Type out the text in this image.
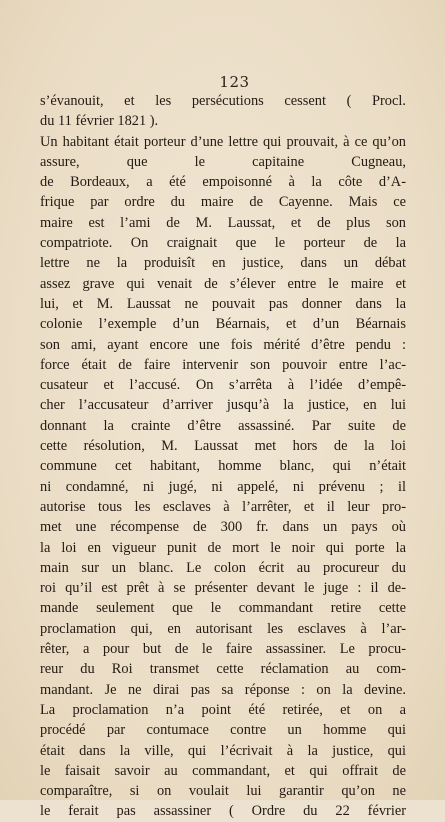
123
s’évanouit, et les persécutions cessent ( Procl.
du 11 février 1821 ).
Un habitant était porteur d’une lettre qui prouvait, à ce qu’on assure, que le capitaine Cugneau,
de Bordeaux, a été empoisonné à la côte d’A-
frique par ordre du maire de Cayenne. Mais ce
maire est l’ami de M. Laussat, et de plus son
compatriote. On craignait que le porteur de la
lettre ne la produisît en justice, dans un débat
assez grave qui venait de s’élever entre le maire et
lui, et M. Laussat ne pouvait pas donner dans la
colonie l’exemple d’un Béarnais, et d’un Béarnais
son ami, ayant encore une fois mérité d’être pendu :
force était de faire intervenir son pouvoir entre l’ac-
cusateur et l’accusé. On s’arrêta à l’idée d’empê-
cher l’accusateur d’arriver jusqu’à la justice, en lui
donnant la crainte d’être assassiné. Par suite de
cette résolution, M. Laussat met hors de la loi
commune cet habitant, homme blanc, qui n’était
ni condamné, ni jugé, ni appelé, ni prévenu ; il
autorise tous les esclaves à l’arrêter, et il leur pro-
met une récompense de 300 fr. dans un pays où
la loi en vigueur punit de mort le noir qui porte la
main sur un blanc. Le colon écrit au procureur du
roi qu’il est prêt à se présenter devant le juge : il de-
mande seulement que le commandant retire cette
proclamation qui, en autorisant les esclaves à l’ar-
rêter, a pour but de le faire assassiner. Le procu-
reur du Roi transmet cette réclamation au com-
mandant. Je ne dirai pas sa réponse : on la devine.
La proclamation n’a point été retirée, et on a
procédé par contumace contre un homme qui
était dans la ville, qui l’écrivait à la justice, qui
le faisait savoir au commandant, et qui offrait de
comparaître, si on voulait lui garantir qu’on ne
le ferait pas assassiner ( Ordre du 22 février
